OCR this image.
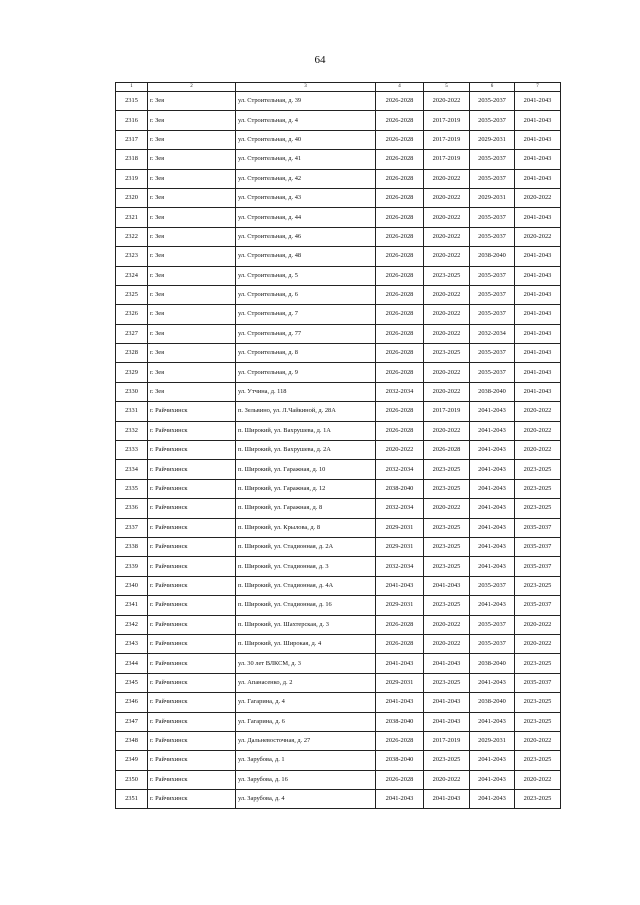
64
1	2	3	4	5	6	7
2315	г. Зея	ул. Строительная, д. 39	2026-2028	2020-2022	2035-2037	2041-2043
2316	г. Зея	ул. Строительная, д. 4	2026-2028	2017-2019	2035-2037	2041-2043
2317	г. Зея	ул. Строительная, д. 40	2026-2028	2017-2019	2029-2031	2041-2043
2318	г. Зея	ул. Строительная, д. 41	2026-2028	2017-2019	2035-2037	2041-2043
2319	г. Зея	ул. Строительная, д. 42	2026-2028	2020-2022	2035-2037	2041-2043
2320	г. Зея	ул. Строительная, д. 43	2026-2028	2020-2022	2029-2031	2020-2022
2321	г. Зея	ул. Строительная, д. 44	2026-2028	2020-2022	2035-2037	2041-2043
2322	г. Зея	ул. Строительная, д. 46	2026-2028	2020-2022	2035-2037	2020-2022
2323	г. Зея	ул. Строительная, д. 48	2026-2028	2020-2022	2038-2040	2041-2043
2324	г. Зея	ул. Строительная, д. 5	2026-2028	2023-2025	2035-2037	2041-2043
2325	г. Зея	ул. Строительная, д. 6	2026-2028	2020-2022	2035-2037	2041-2043
2326	г. Зея	ул. Строительная, д. 7	2026-2028	2020-2022	2035-2037	2041-2043
2327	г. Зея	ул. Строительная, д. 77	2026-2028	2020-2022	2032-2034	2041-2043
2328	г. Зея	ул. Строительная, д. 8	2026-2028	2023-2025	2035-2037	2041-2043
2329	г. Зея	ул. Строительная, д. 9	2026-2028	2020-2022	2035-2037	2041-2043
2330	г. Зея	ул. Утчина, д. 118	2032-2034	2020-2022	2038-2040	2041-2043
2331	г. Райчихинск	п. Зельвино, ул. Л.Чайкиной, д. 28А	2026-2028	2017-2019	2041-2043	2020-2022
2332	г. Райчихинск	п. Широкий, ул. Вахрушева, д. 1А	2026-2028	2020-2022	2041-2043	2020-2022
2333	г. Райчихинск	п. Широкий, ул. Вахрушева, д. 2А	2020-2022	2026-2028	2041-2043	2020-2022
2334	г. Райчихинск	п. Широкий, ул. Гаражная, д. 10	2032-2034	2023-2025	2041-2043	2023-2025
2335	г. Райчихинск	п. Широкий, ул. Гаражная, д. 12	2038-2040	2023-2025	2041-2043	2023-2025
2336	г. Райчихинск	п. Широкий, ул. Гаражная, д. 8	2032-2034	2020-2022	2041-2043	2023-2025
2337	г. Райчихинск	п. Широкий, ул. Крылова, д. 8	2029-2031	2023-2025	2041-2043	2035-2037
2338	г. Райчихинск	п. Широкий, ул. Стадионная, д. 2А	2029-2031	2023-2025	2041-2043	2035-2037
2339	г. Райчихинск	п. Широкий, ул. Стадионная, д. 3	2032-2034	2023-2025	2041-2043	2035-2037
2340	г. Райчихинск	п. Широкий, ул. Стадионная, д. 4А	2041-2043	2041-2043	2035-2037	2023-2025
2341	г. Райчихинск	п. Широкий, ул. Стадионная, д. 16	2029-2031	2023-2025	2041-2043	2035-2037
2342	г. Райчихинск	п. Широкий, ул. Шахтерская, д. 3	2026-2028	2020-2022	2035-2037	2020-2022
2343	г. Райчихинск	п. Широкий, ул. Широкая, д. 4	2026-2028	2020-2022	2035-2037	2020-2022
2344	г. Райчихинск	ул. 30 лет ВЛКСМ, д. 3	2041-2043	2041-2043	2038-2040	2023-2025
2345	г. Райчихинск	ул. Апанасенко, д. 2	2029-2031	2023-2025	2041-2043	2035-2037
2346	г. Райчихинск	ул. Гагарина, д. 4	2041-2043	2041-2043	2038-2040	2023-2025
2347	г. Райчихинск	ул. Гагарина, д. 6	2038-2040	2041-2043	2041-2043	2023-2025
2348	г. Райчихинск	ул. Дальневосточная, д. 27	2026-2028	2017-2019	2029-2031	2020-2022
2349	г. Райчихинск	ул. Зарубова, д. 1	2038-2040	2023-2025	2041-2043	2023-2025
2350	г. Райчихинск	ул. Зарубова, д. 16	2026-2028	2020-2022	2041-2043	2020-2022
2351	г. Райчихинск	ул. Зарубова, д. 4	2041-2043	2041-2043	2041-2043	2023-2025
